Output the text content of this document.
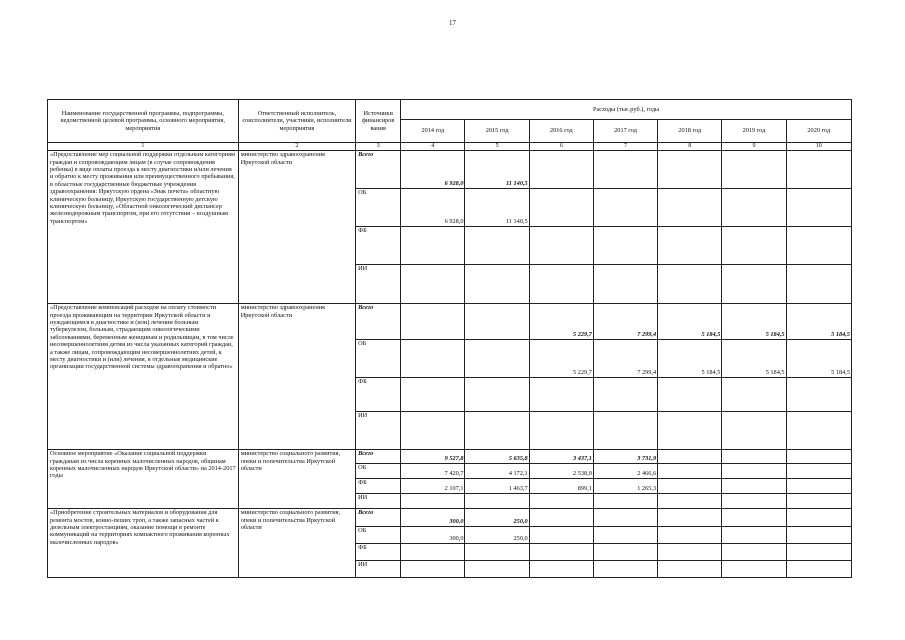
17
Наименование государственной программы, подпрограммы, ведомственной целевой программы, основного мероприятия, мероприятия	Ответственный исполнитель, соисполнители, участники, исполнители мероприятия	Источники финансиров вания	Расходы (тыс.руб.), годы						
			2014 год	2015 год	2016 год	2017 год	2018 год	2019 год	2020 год
1	2	3	4	5	6	7	8	9	10
«Предоставление мер социальной поддержки отдельным категориям граждан и сопровождающим лицам (в случае сопровождения ребенка) в виде оплаты проезда к месту диагностики и/или лечения и обратно к месту проживания или преимущественного пребывания, в областные государственные бюджетные учреждения здравоохранения: Иркутскую ордена «Знак почета» областную клиническую больницу, Иркутскую государственную детскую клиническую больницу, «Областной онкологический диспансер железнодорожным транспортом, при его отсутствии – воздушным транспортом»	министерство здравоохранения Иркутской области	Всего	6 928,0	11 140,5					
		ОБ	6 928,0	11 140,5					
		ФБ							
		ИИ							
«Предоставление компенсаций расходов на оплату стоимости проезда проживающим на территории Иркутской области и нуждающимся в диагностике и (или) лечении больным туберкулезом, больным, страдающим онкологическими заболеваниями, беременным женщинам и родильницам, в том числе несовершеннолетним детям из числа указанных категорий граждан, а также лицам, сопровождающим несовершеннолетних детей, к месту диагностики и (или) лечения, в отдельные медицинские организации государственной системы здравоохранения и обратно»	министерство здравоохранения Иркутской области	Всего			5 229,7	7 299,4	5 184,5	5 184,5	5 184,5
		ОБ			5 229,7	7 299,4	5 184,5	5 184,5	5 184,5
		ФБ							
		ИИ							
Основное мероприятие «Оказание социальной поддержки гражданам из числа коренных малочисленных народов, общинам коренных малочисленных народов Иркутской области» на 2014-2017 годы	министерство социального развития, опеки и попечительства Иркутской области	Всего	9 527,8	5 635,8	3 437,1	3 731,9			
		ОБ	7 420,7	4 172,1	2 538,0	2 466,6			
		ФБ	2 107,1	1 463,7	899,1	1 265,3			
		ИИ							
«Приобретение строительных материалов и оборудования для ремонта мостов, конно-пеших троп, а также запасных частей к дизельным электростанциям, оказание помощи в ремонте коммуникаций на территориях компактного проживания коренных малочисленных народов»	министерство социального развития, опеки и попечительства Иркутской области	Всего	300,0	250,0					
		ОБ	300,0	250,0					
		ФБ							
		ИИ							
